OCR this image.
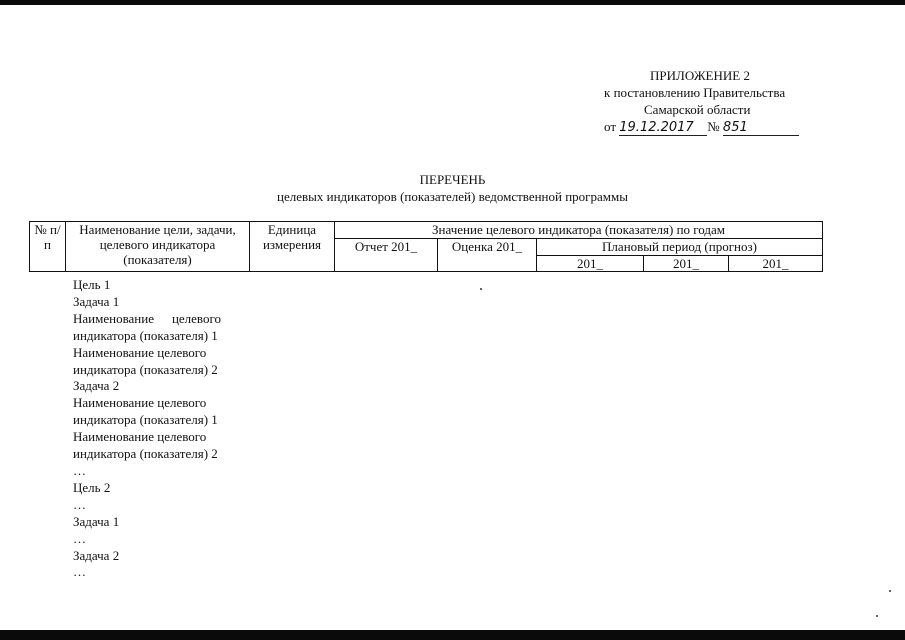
ПРИЛОЖЕНИЕ 2
к постановлению Правительства
Самарской области
от 19.12.2017 № 851
ПЕРЕЧЕНЬ
целевых индикаторов (показателей) ведомственной программы
№ п/п	Наименование цели, задачи, целевого индикатора (показателя)	Единица измерения	Значение целевого индикатора (показателя) по годам				
			Отчет 201_	Оценка 201_	Плановый период (прогноз)		
					201_	201_	201_
Цель 1
Задача 1
Наименование целевого индикатора (показателя) 1
Наименование целевого индикатора (показателя) 2
Задача 2
Наименование целевого индикатора (показателя) 1
Наименование целевого индикатора (показателя) 2
…
Цель 2
…
Задача 1
…
Задача 2
…
